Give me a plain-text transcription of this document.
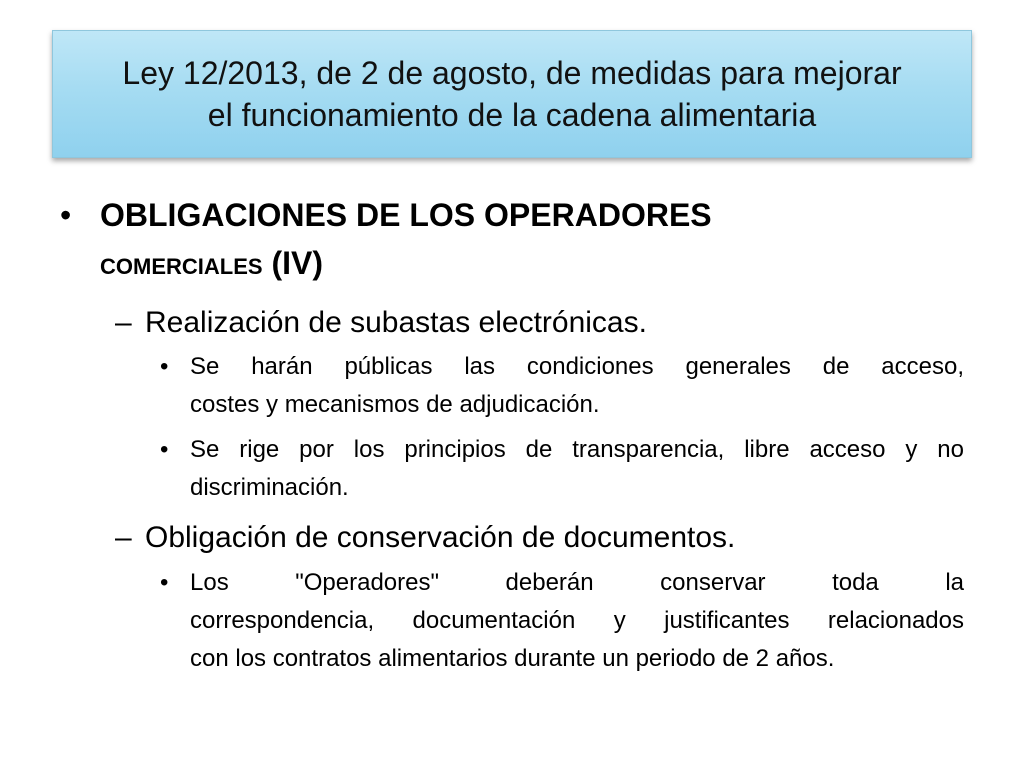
Ley 12/2013, de 2 de agosto, de medidas para mejorar
el funcionamiento de la cadena alimentaria
• OBLIGACIONES DE LOS OPERADORES
COMERCIALES (IV)
– Realización de subastas electrónicas.
• Se harán públicas las condiciones generales de acceso,
costes y mecanismos de adjudicación.
• Se rige por los principios de transparencia, libre acceso y no
discriminación.
– Obligación de conservación de documentos.
• Los "Operadores" deberán conservar toda la
correspondencia, documentación y justificantes relacionados
con los contratos alimentarios durante un periodo de 2 años.
